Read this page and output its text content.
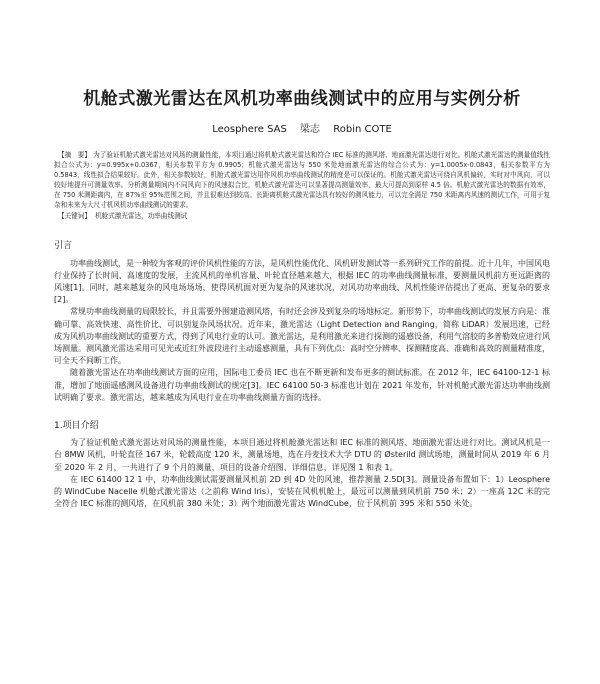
机舱式激光雷达在风机功率曲线测试中的应用与实例分析
Leosphere SAS 梁志 Robin COTE

【摘　要】 为了验证机舱式激光雷达对风场的测量性能，本项目通过将机舱式激光雷达和符合 IEC 标准的测风塔、地面激光雷达进行对比。机舱式激光雷达的测量值线性拟合公式为：y=0.995x+0.0367，相关参数平方为 0.9905；机舱式激光雷达与 550 米处地面激光雷达的综合公式为：y=1.0005x-0.0843，相关参数平方为 0.5843，线性拟合结果较好。此外，相关参数较好，机舱式激光雷达用作风机功率曲线测试的精度是可以保证的。机舱式激光雷达可绕自风机偏转，实时对中风向，可以较好地提升可测量效率。分析测量期间内不同风向下的风速拟合比，机舱式激光雷达可以显著提高测量效率，最大可提高到原样 4.5 倍。机舱式激光雷达的数据有效率，在 750 米测距离内，在 87%至 95%范围之间，并且很难达到较高。长距离机舱式激光雷达具有较好的测风能力，可以完全满足 750 米距离内风速的测试工作，可用于复杂和未来为大尺寸机风机功率曲线测试的要求。

【关键词】 机舱式激光雷达，功率曲线测试

引言

功率曲线测试，是一种较为客观的评价风机性能的方法，是风机性能优化、风机研发测试等一系列研究工作的前提。近十几年，中国风电行业保持了长时间、高速度的发展，主流风机的单机容量、叶轮直径越来越大，根据 IEC 的功率曲线测量标准，要测量风机前方更远距离的风速[1]。同时，越来越复杂的风电场场场，使得风机面对更为复杂的风速状况，对风功功率曲线、风机性能评估提出了更高、更复杂的要求[2]。

常规功率曲线测量的局限较长，并且需要外围建造测风塔，有时还会涉及到复杂的场地标定。新形势下，功率曲线测试的发展方向是：准确可靠、高效快速、高性价比、可识别复杂风场状况。近年来，激光雷达（Light Detection and Ranging，简称 LiDAR）发展迅速，已经成为风机功率曲线测试的重要方式，得到了风电行业的认可。激光雷达，是利用激光来进行探测的遥感设备，利用气溶胶的多普勒效应进行风场测量。测风激光雷达采用可见光或近红外波段进行主动遥感测量，具有下列优点：高时空分辨率、探测精度高、准确和高效的测量精准度，可全天不间断工作。

随着激光雷达在功率曲线测试方面的应用，国际电工委员 IEC 也在不断更新和发布更多的测试标准。在 2012 年，IEC 64100-12-1 标准，增加了地面遥感测风设备进行功率曲线测试的规定[3]。IEC 64100 50-3 标准也计划在 2021 年发布，针对机舱式激光雷达功率曲线测试明确了要求。激光雷达，越来越成为风电行业在功率曲线测量方面的选择。

1.项目介绍

为了验证机舱式激光雷达对风场的测量性能，本项目通过将机舱激光雷达和 IEC 标准的测风塔、地面激光雷达进行对比。测试风机是一台 8MW 风机，叶轮直径 167 米，轮毂高度 120 米，测量场地，选在丹麦技术大学 DTU 的 Østerild 测试场地，测量时间从 2019 年 6 月至 2020 年 2 月，一共进行了 9 个月的测量，项目的设备介绍图、详细信息，详见图 1 和表 1。

在 IEC 61400 12 1 中，功率曲线测试需要测量风机前 2D 到 4D 处的风速，推荐测量 2.5D[3]。测量设备布置如下：1）Leosphere 的 WindCube Nacelle 机舱式激光雷达（之前称 Wind Iris），安装在风机机舱上，最远可以测量到风机前 750 米；2）一座高 12C 米的完全符合 IEC 标准的测风塔，在风机前 380 米处；3）两个地面激光雷达 WindCube，位于风机前 395 米和 550 米处。
